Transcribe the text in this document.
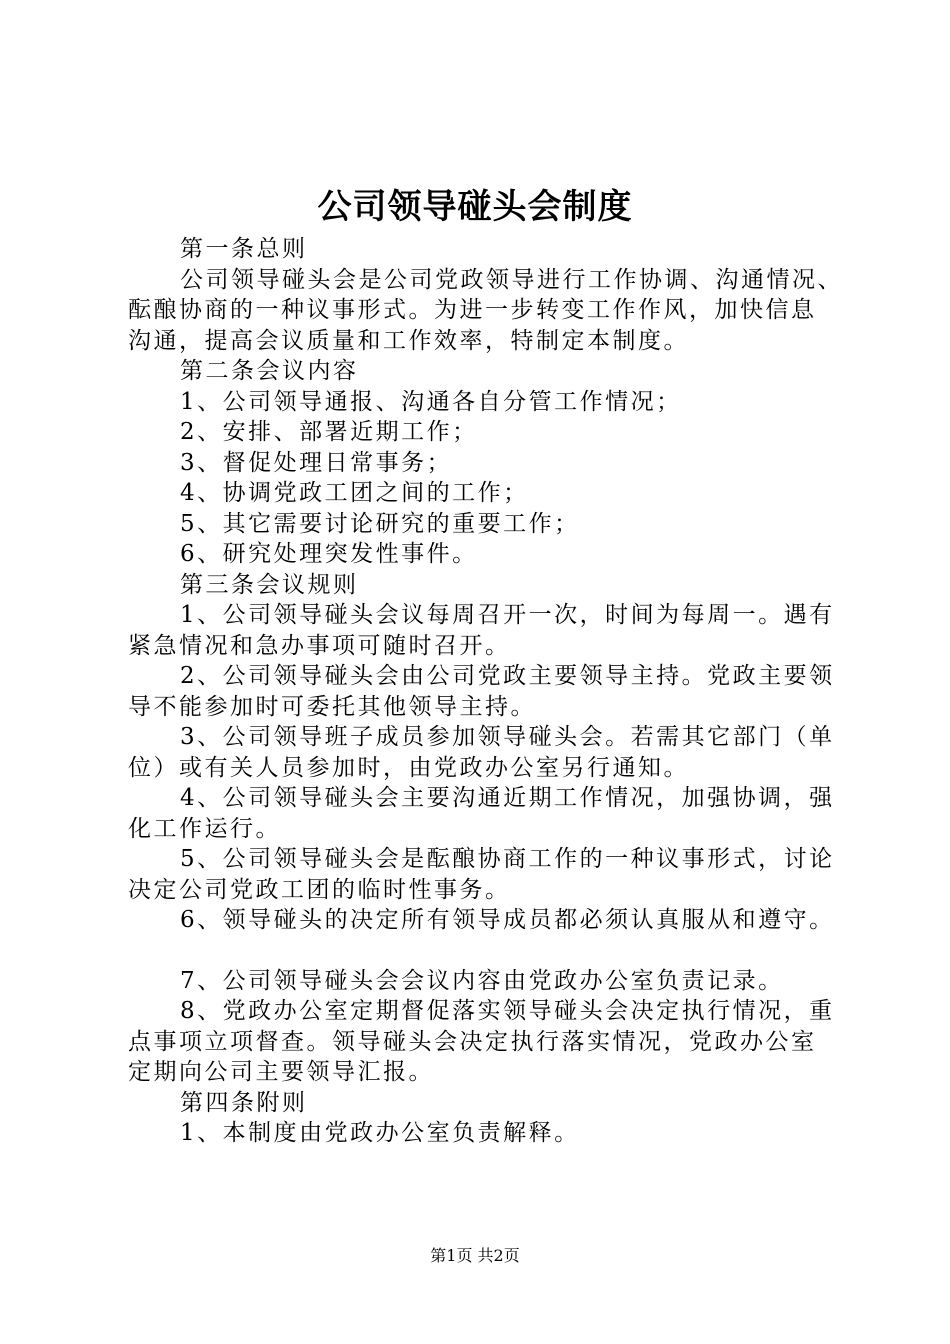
公司领导碰头会制度
第一条总则
公司领导碰头会是公司党政领导进行工作协调、沟通情况、
酝酿协商的一种议事形式。为进一步转变工作作风，加快信息
沟通，提高会议质量和工作效率，特制定本制度。
第二条会议内容
1、公司领导通报、沟通各自分管工作情况；
2、安排、部署近期工作；
3、督促处理日常事务；
4、协调党政工团之间的工作；
5、其它需要讨论研究的重要工作；
6、研究处理突发性事件。
第三条会议规则
1、公司领导碰头会议每周召开一次，时间为每周一。遇有
紧急情况和急办事项可随时召开。
2、公司领导碰头会由公司党政主要领导主持。党政主要领
导不能参加时可委托其他领导主持。
3、公司领导班子成员参加领导碰头会。若需其它部门（单
位）或有关人员参加时，由党政办公室另行通知。
4、公司领导碰头会主要沟通近期工作情况，加强协调，强
化工作运行。
5、公司领导碰头会是酝酿协商工作的一种议事形式，讨论
决定公司党政工团的临时性事务。
6、领导碰头的决定所有领导成员都必须认真服从和遵守。
7、公司领导碰头会会议内容由党政办公室负责记录。
8、党政办公室定期督促落实领导碰头会决定执行情况，重
点事项立项督查。领导碰头会决定执行落实情况，党政办公室
定期向公司主要领导汇报。
第四条附则
1、本制度由党政办公室负责解释。
第1页 共2页
